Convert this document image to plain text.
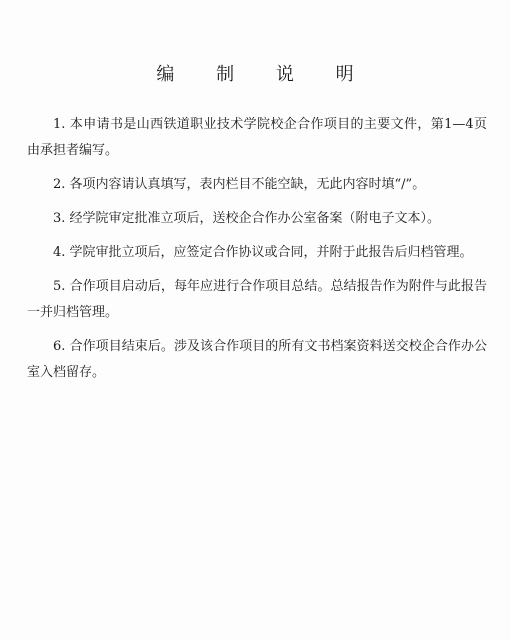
编 制 说 明

1. 本申请书是山西铁道职业技术学院校企合作项目的主要文件，第1—4页由承担者编写。

2. 各项内容请认真填写，表内栏目不能空缺，无此内容时填“/”。

3. 经学院审定批准立项后，送校企合作办公室备案（附电子文本）。

4. 学院审批立项后，应签定合作协议或合同，并附于此报告后归档管理。

5. 合作项目启动后，每年应进行合作项目总结。总结报告作为附件与此报告一并归档管理。

6. 合作项目结束后。涉及该合作项目的所有文书档案资料送交校企合作办公室入档留存。
